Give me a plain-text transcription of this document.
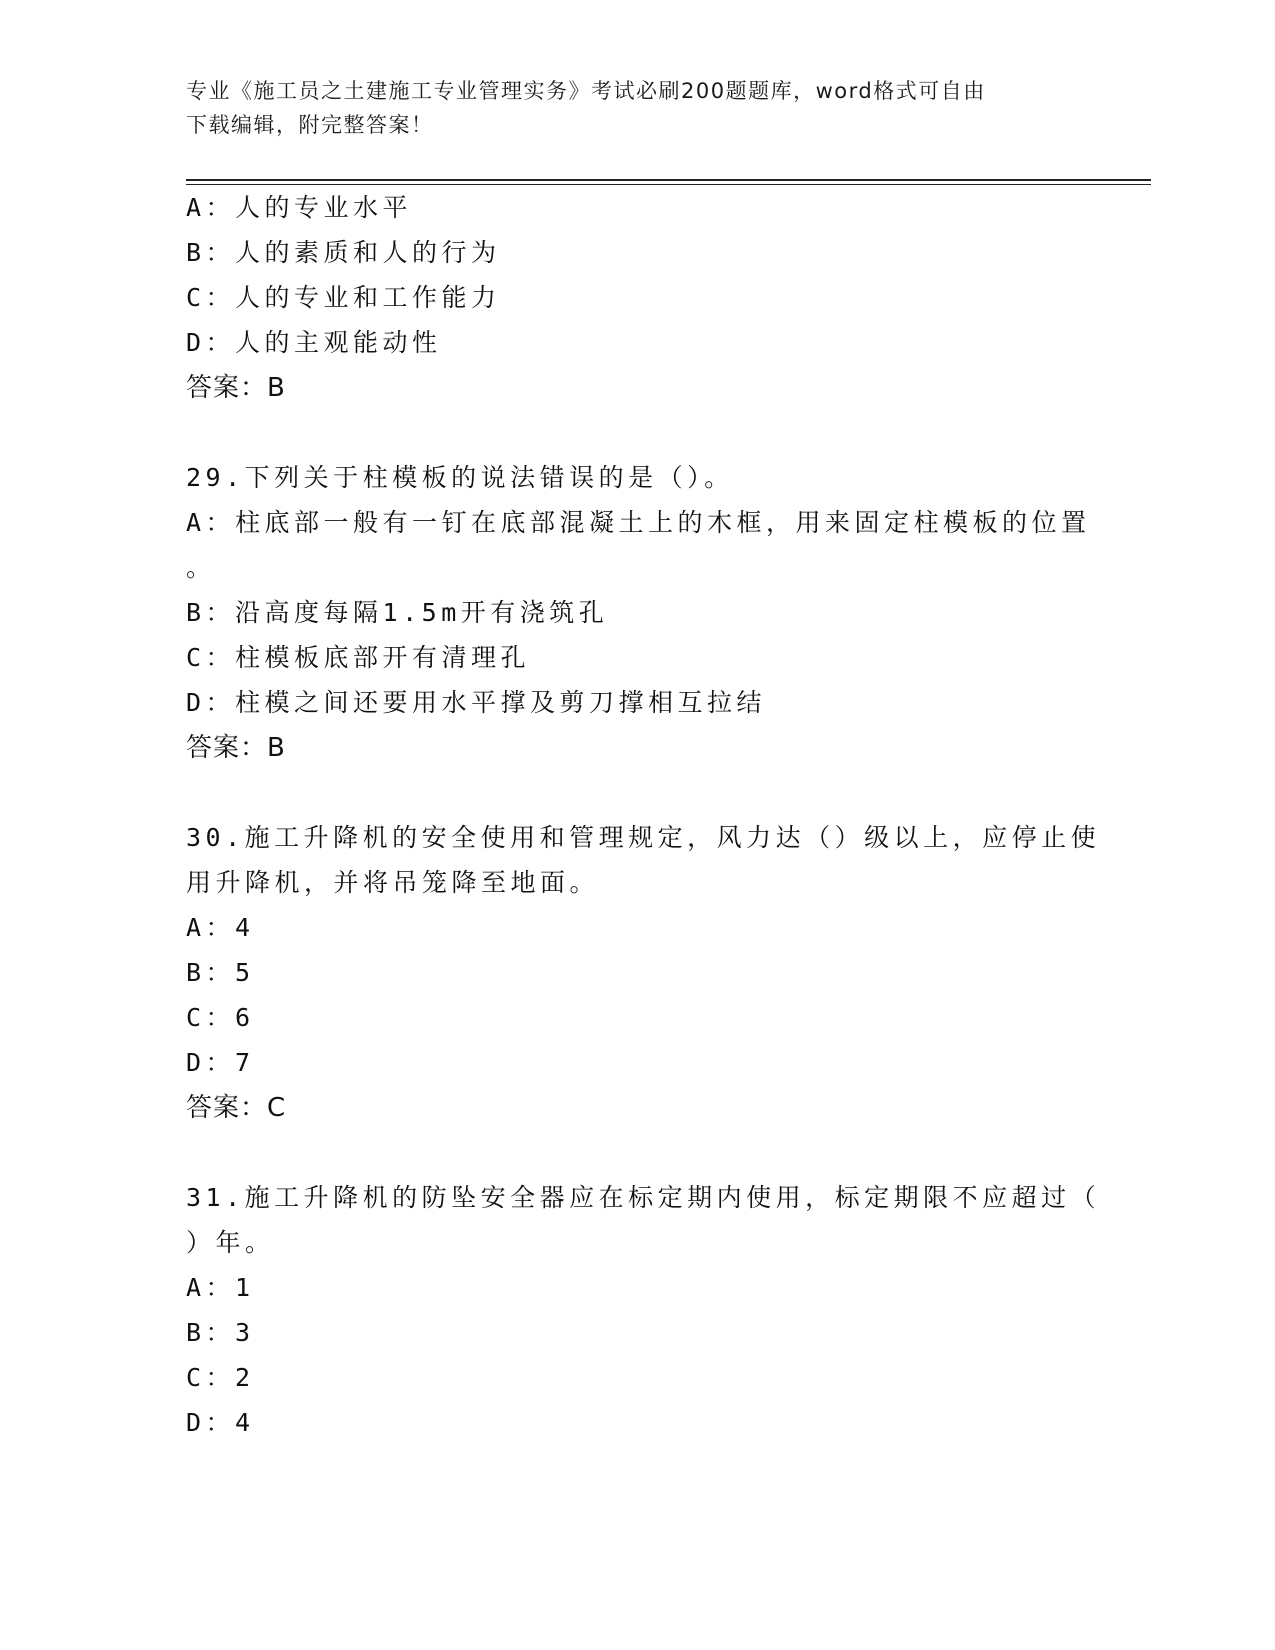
专业《施工员之土建施工专业管理实务》考试必刷200题题库，word格式可自由
下载编辑，附完整答案！
A：人的专业水平
B：人的素质和人的行为
C：人的专业和工作能力
D：人的主观能动性
答案：B
29.下列关于柱模板的说法错误的是（）。
A：柱底部一般有一钉在底部混凝土上的木框，用来固定柱模板的位置
。
B：沿高度每隔1.5m开有浇筑孔
C：柱模板底部开有清理孔
D：柱模之间还要用水平撑及剪刀撑相互拉结
答案：B
30.施工升降机的安全使用和管理规定，风力达（）级以上，应停止使
用升降机，并将吊笼降至地面。
A：4
B：5
C：6
D：7
答案：C
31.施工升降机的防坠安全器应在标定期内使用，标定期限不应超过（
）年。
A：1
B：3
C：2
D：4
